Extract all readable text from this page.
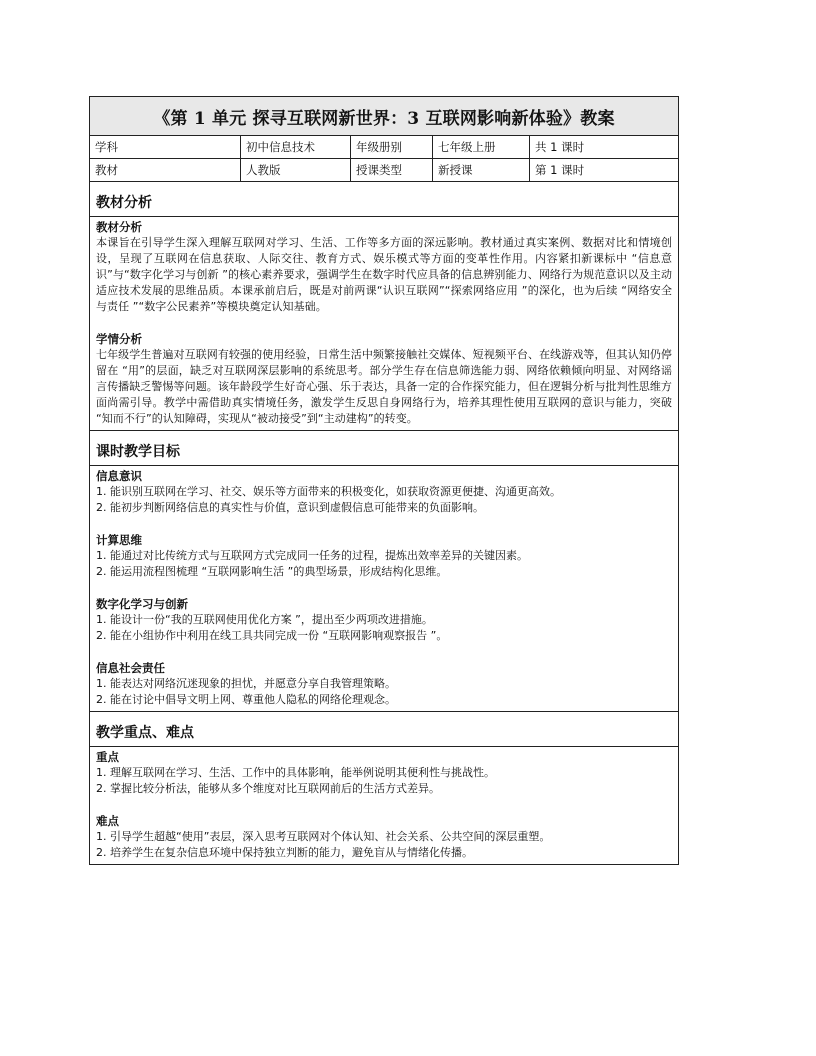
《第 1 单元 探寻互联网新世界：3 互联网影响新体验》教案
学科	初中信息技术	年级册别	七年级上册	共 1 课时
教材	人教版	授课类型	新授课	第 1 课时
教材分析
教材分析
本课旨在引导学生深入理解互联网对学习、生活、工作等多方面的深远影响。教材通过真实案例、数据对比和情境创设，呈现了互联网在信息获取、人际交往、教育方式、娱乐模式等方面的变革性作用。内容紧扣新课标中 “信息意识”与“数字化学习与创新 ”的核心素养要求，强调学生在数字时代应具备的信息辨别能力、网络行为规范意识以及主动适应技术发展的思维品质。本课承前启后，既是对前两课“认识互联网”“探索网络应用 ”的深化，也为后续 “网络安全与责任 ”“数字公民素养”等模块奠定认知基础。
学情分析
七年级学生普遍对互联网有较强的使用经验，日常生活中频繁接触社交媒体、短视频平台、在线游戏等，但其认知仍停留在 “用”的层面，缺乏对互联网深层影响的系统思考。部分学生存在信息筛选能力弱、网络依赖倾向明显、对网络谣言传播缺乏警惕等问题。该年龄段学生好奇心强、乐于表达，具备一定的合作探究能力，但在逻辑分析与批判性思维方面尚需引导。教学中需借助真实情境任务，激发学生反思自身网络行为，培养其理性使用互联网的意识与能力，突破 “知而不行”的认知障碍，实现从“被动接受”到“主动建构”的转变。
课时教学目标
信息意识
1. 能识别互联网在学习、社交、娱乐等方面带来的积极变化，如获取资源更便捷、沟通更高效。
2. 能初步判断网络信息的真实性与价值，意识到虚假信息可能带来的负面影响。
计算思维
1. 能通过对比传统方式与互联网方式完成同一任务的过程，提炼出效率差异的关键因素。
2. 能运用流程图梳理 “互联网影响生活 ”的典型场景，形成结构化思维。
数字化学习与创新
1. 能设计一份“我的互联网使用优化方案 ”，提出至少两项改进措施。
2. 能在小组协作中利用在线工具共同完成一份 “互联网影响观察报告 ”。
信息社会责任
1. 能表达对网络沉迷现象的担忧，并愿意分享自我管理策略。
2. 能在讨论中倡导文明上网、尊重他人隐私的网络伦理观念。
教学重点、难点
重点
1. 理解互联网在学习、生活、工作中的具体影响，能举例说明其便利性与挑战性。
2. 掌握比较分析法，能够从多个维度对比互联网前后的生活方式差异。
难点
1. 引导学生超越“使用”表层，深入思考互联网对个体认知、社会关系、公共空间的深层重塑。
2. 培养学生在复杂信息环境中保持独立判断的能力，避免盲从与情绪化传播。
